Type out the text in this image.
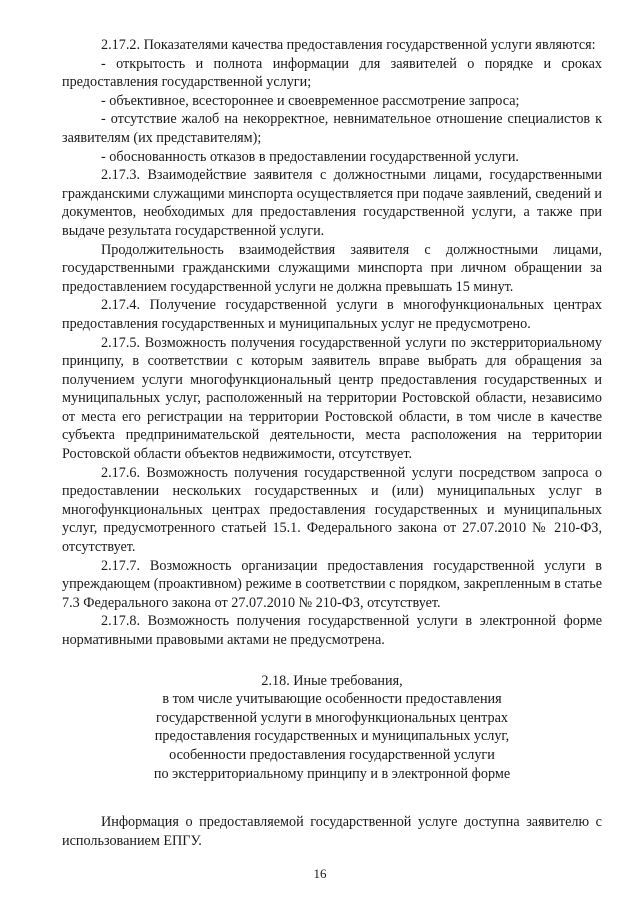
2.17.2. Показателями качества предоставления государственной услуги являются:

- открытость и полнота информации для заявителей о порядке и сроках предоставления государственной услуги;

- объективное, всестороннее и своевременное рассмотрение запроса;

- отсутствие жалоб на некорректное, невнимательное отношение специалистов к заявителям (их представителям);

- обоснованность отказов в предоставлении государственной услуги.

2.17.3. Взаимодействие заявителя с должностными лицами, государственными гражданскими служащими минспорта осуществляется при подаче заявлений, сведений и документов, необходимых для предоставления государственной услуги, а также при выдаче результата государственной услуги.

Продолжительность взаимодействия заявителя с должностными лицами, государственными гражданскими служащими минспорта при личном обращении за предоставлением государственной услуги не должна превышать 15 минут.

2.17.4. Получение государственной услуги в многофункциональных центрах предоставления государственных и муниципальных услуг не предусмотрено.

2.17.5. Возможность получения государственной услуги по экстерриториальному принципу, в соответствии с которым заявитель вправе выбрать для обращения за получением услуги многофункциональный центр предоставления государственных и муниципальных услуг, расположенный на территории Ростовской области, независимо от места его регистрации на территории Ростовской области, в том числе в качестве субъекта предпринимательской деятельности, места расположения на территории Ростовской области объектов недвижимости, отсутствует.

2.17.6. Возможность получения государственной услуги посредством запроса о предоставлении нескольких государственных и (или) муниципальных услуг в многофункциональных центрах предоставления государственных и муниципальных услуг, предусмотренного статьей 15.1. Федерального закона от 27.07.2010 № 210-ФЗ, отсутствует.

2.17.7. Возможность организации предоставления государственной услуги в упреждающем (проактивном) режиме в соответствии с порядком, закрепленным в статье 7.3 Федерального закона от 27.07.2010 № 210-ФЗ, отсутствует.

2.17.8. Возможность получения государственной услуги в электронной форме нормативными правовыми актами не предусмотрена.

2.18. Иные требования,
в том числе учитывающие особенности предоставления
государственной услуги в многофункциональных центрах
предоставления государственных и муниципальных услуг,
особенности предоставления государственной услуги
по экстерриториальному принципу и в электронной форме

Информация о предоставляемой государственной услуге доступна заявителю с использованием ЕПГУ.

16
